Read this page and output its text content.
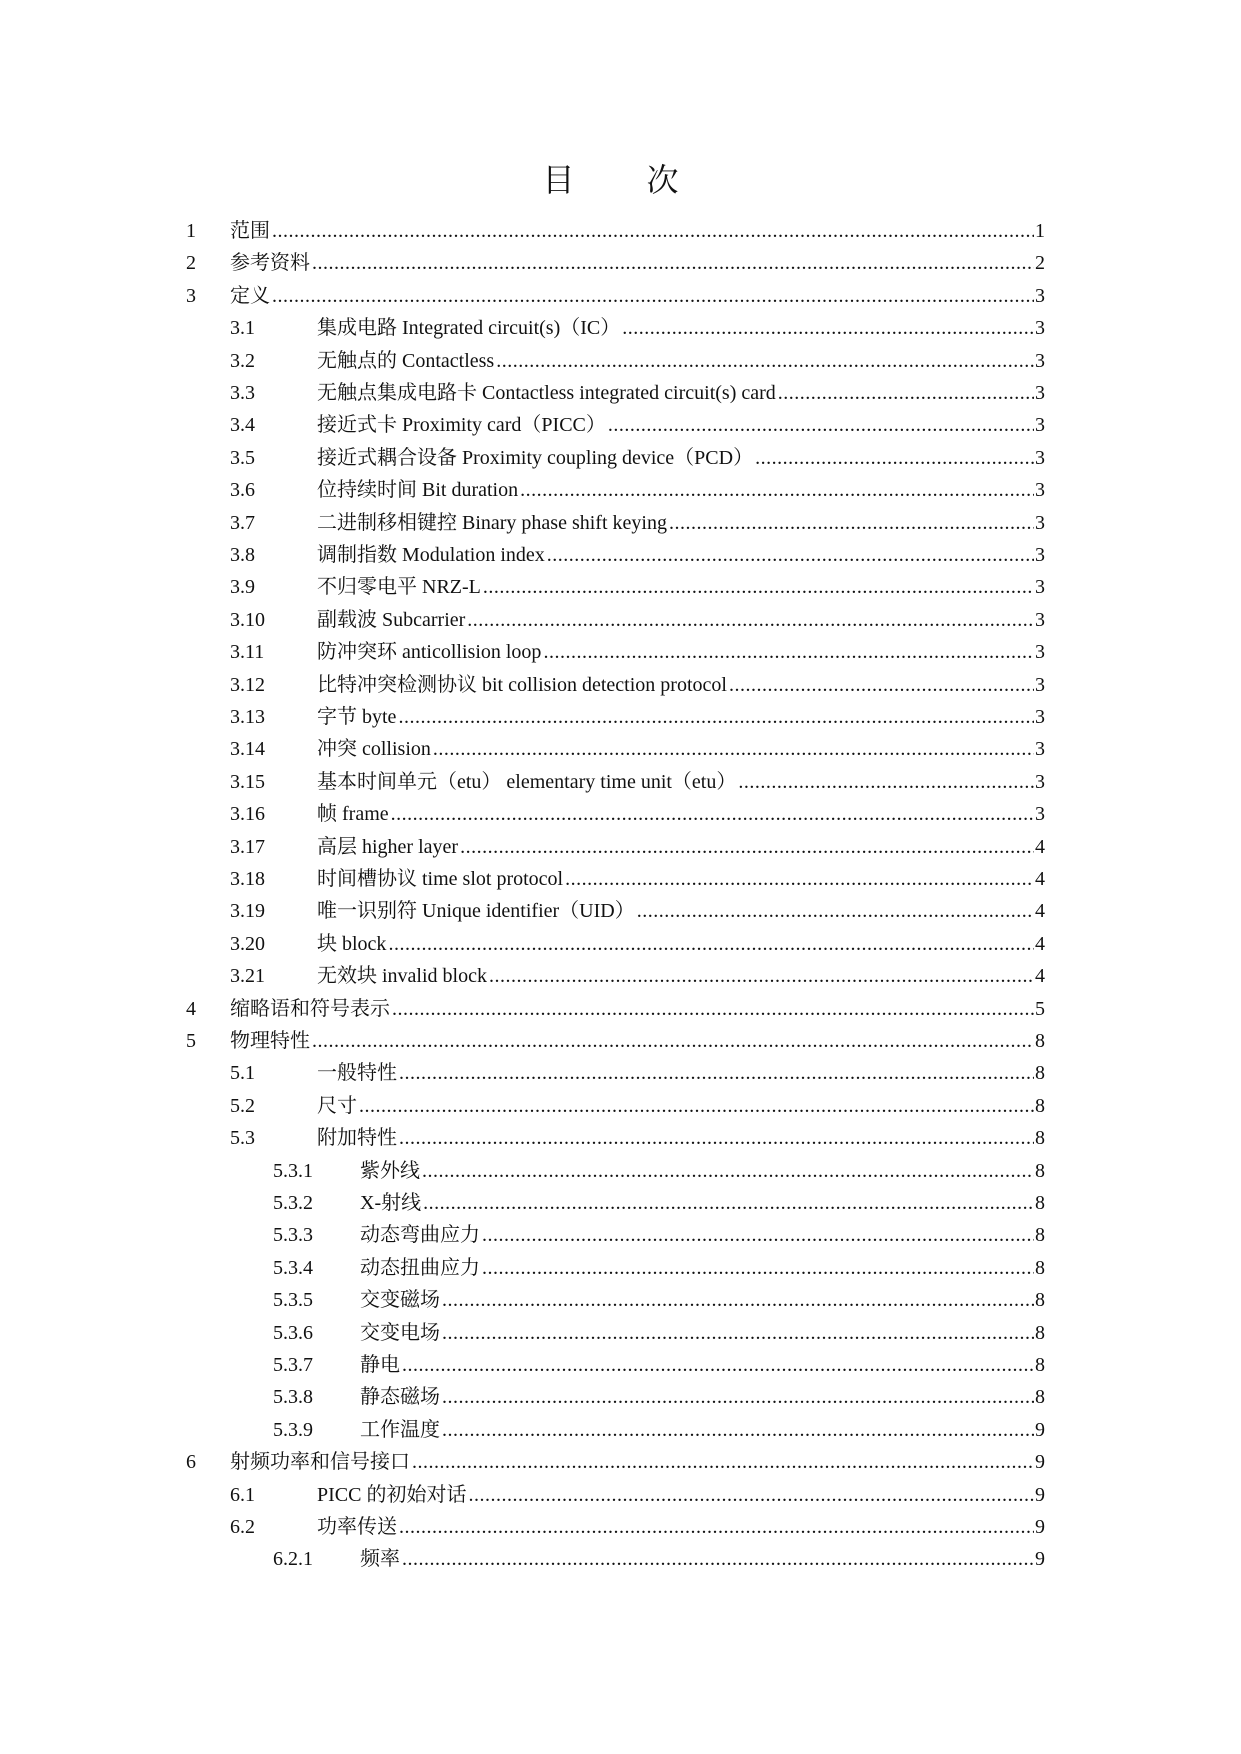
目　次
1	范围 .....	1
2	参考资料 .....	2
3	定义 .....	3
3.1	集成电路 Integrated circuit(s)（IC） .....	3
3.2	无触点的 Contactless .....	3
3.3	无触点集成电路卡 Contactless integrated circuit(s) card .....	3
3.4	接近式卡 Proximity card（PICC） .....	3
3.5	接近式耦合设备 Proximity coupling device（PCD） .....	3
3.6	位持续时间 Bit duration .....	3
3.7	二进制移相键控 Binary phase shift keying .....	3
3.8	调制指数 Modulation index .....	3
3.9	不归零电平 NRZ-L .....	3
3.10	副载波 Subcarrier .....	3
3.11	防冲突环 anticollision loop .....	3
3.12	比特冲突检测协议 bit collision detection protocol .....	3
3.13	字节 byte .....	3
3.14	冲突 collision .....	3
3.15	基本时间单元（etu） elementary time unit（etu） .....	3
3.16	帧 frame .....	3
3.17	高层 higher layer .....	4
3.18	时间槽协议 time slot protocol .....	4
3.19	唯一识别符 Unique identifier（UID） .....	4
3.20	块 block .....	4
3.21	无效块 invalid block .....	4
4	缩略语和符号表示 .....	5
5	物理特性 .....	8
5.1	一般特性 .....	8
5.2	尺寸 .....	8
5.3	附加特性 .....	8
5.3.1	紫外线 .....	8
5.3.2	X-射线 .....	8
5.3.3	动态弯曲应力 .....	8
5.3.4	动态扭曲应力 .....	8
5.3.5	交变磁场 .....	8
5.3.6	交变电场 .....	8
5.3.7	静电 .....	8
5.3.8	静态磁场 .....	8
5.3.9	工作温度 .....	9
6	射频功率和信号接口 .....	9
6.1	PICC 的初始对话 .....	9
6.2	功率传送 .....	9
6.2.1	频率 .....	9
